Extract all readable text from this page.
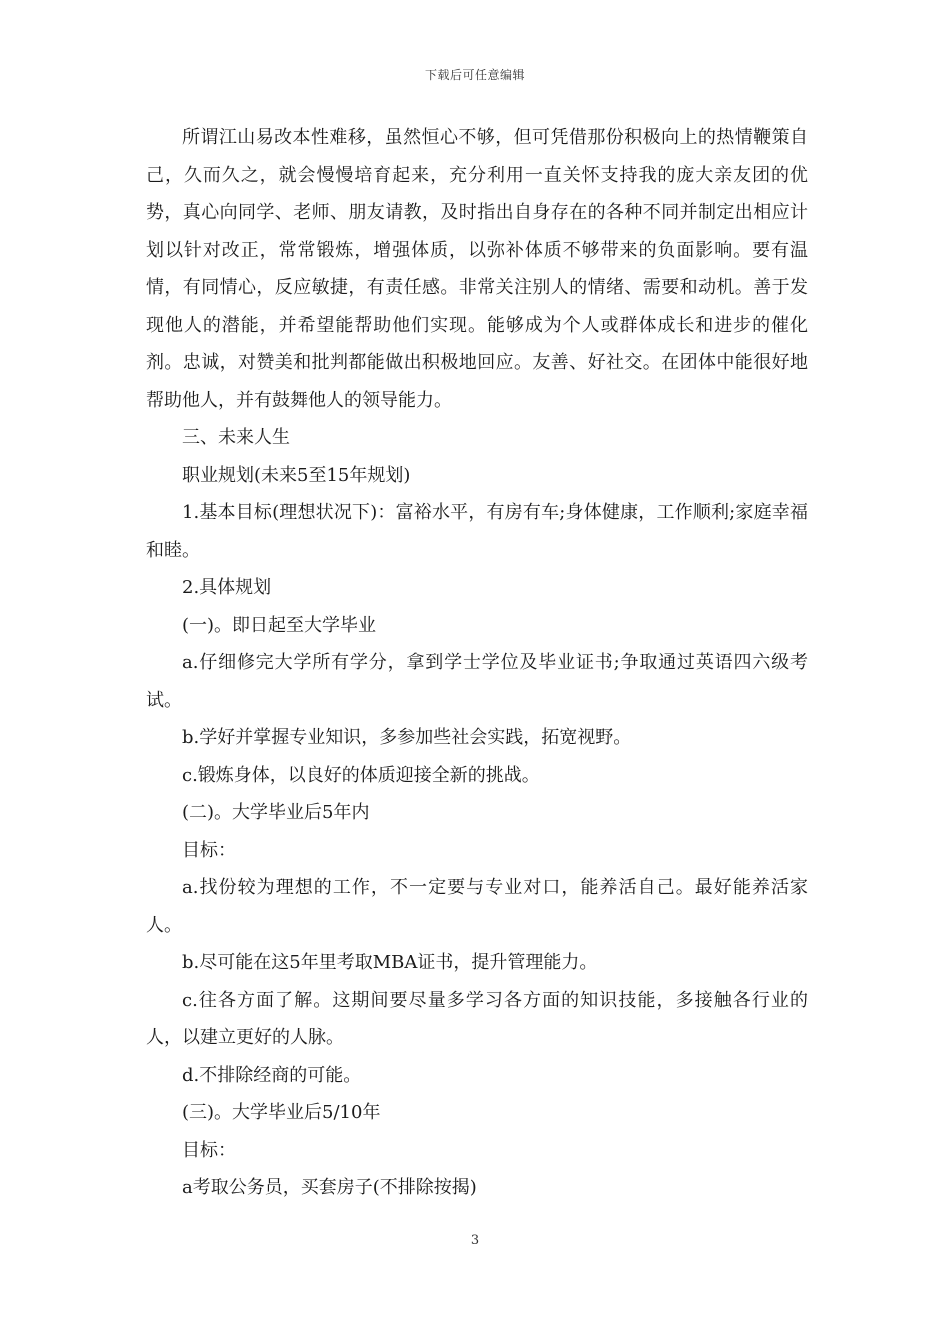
下载后可任意编辑

所谓江山易改本性难移，虽然恒心不够，但可凭借那份积极向上的热情鞭策自己，久而久之，就会慢慢培育起来，充分利用一直关怀支持我的庞大亲友团的优势，真心向同学、老师、朋友请教，及时指出自身存在的各种不同并制定出相应计划以针对改正，常常锻炼，增强体质，以弥补体质不够带来的负面影响。要有温情，有同情心，反应敏捷，有责任感。非常关注别人的情绪、需要和动机。善于发现他人的潜能，并希望能帮助他们实现。能够成为个人或群体成长和进步的催化剂。忠诚，对赞美和批判都能做出积极地回应。友善、好社交。在团体中能很好地帮助他人，并有鼓舞他人的领导能力。

三、未来人生

职业规划(未来5至15年规划)

1.基本目标(理想状况下)：富裕水平，有房有车;身体健康，工作顺利;家庭幸福和睦。

2.具体规划

(一)。即日起至大学毕业

a.仔细修完大学所有学分，拿到学士学位及毕业证书;争取通过英语四六级考试。

b.学好并掌握专业知识，多参加些社会实践，拓宽视野。

c.锻炼身体，以良好的体质迎接全新的挑战。

(二)。大学毕业后5年内

目标：

a.找份较为理想的工作，不一定要与专业对口，能养活自己。最好能养活家人。

b.尽可能在这5年里考取MBA证书，提升管理能力。

c.往各方面了解。这期间要尽量多学习各方面的知识技能，多接触各行业的人，以建立更好的人脉。

d.不排除经商的可能。

(三)。大学毕业后5/10年

目标：

a考取公务员，买套房子(不排除按揭)

3
